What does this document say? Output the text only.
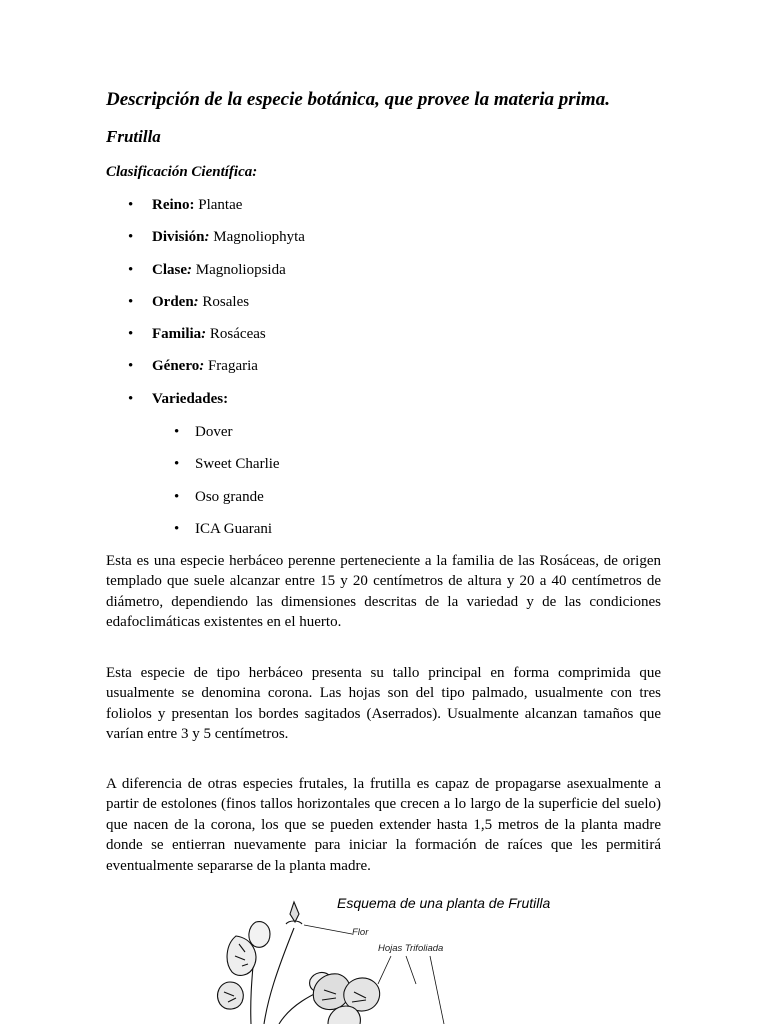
Descripción de la especie botánica, que provee la materia prima.
Frutilla
Clasificación Científica:
• Reino: Plantae
• División: Magnoliophyta
• Clase: Magnoliopsida
• Orden: Rosales
• Familia: Rosáceas
• Género: Fragaria
• Variedades:
• Dover
• Sweet Charlie
• Oso grande
• ICA Guarani

Esta es una especie herbáceo perenne perteneciente a la familia de las Rosáceas, de origen templado que suele alcanzar entre 15 y 20 centímetros de altura y 20 a 40 centímetros de diámetro, dependiendo las dimensiones descritas de la variedad y de las condiciones edafoclimáticas existentes en el huerto.

Esta especie de tipo herbáceo presenta su tallo principal en forma comprimida que usualmente se denomina corona. Las hojas son del tipo palmado, usualmente con tres foliolos y presentan los bordes sagitados (Aserrados). Usualmente alcanzan tamaños que varían entre 3 y 5 centímetros.

A diferencia de otras especies frutales, la frutilla es capaz de propagarse asexualmente a partir de estolones (finos tallos horizontales que crecen a lo largo de la superficie del suelo) que nacen de la corona, los que se pueden extender hasta 1,5 metros de la planta madre donde se entierran nuevamente para iniciar la formación de raíces que les permitirá eventualmente separarse de la planta madre.

Esquema de una planta de Frutilla
Flor
Hojas Trifoliada
